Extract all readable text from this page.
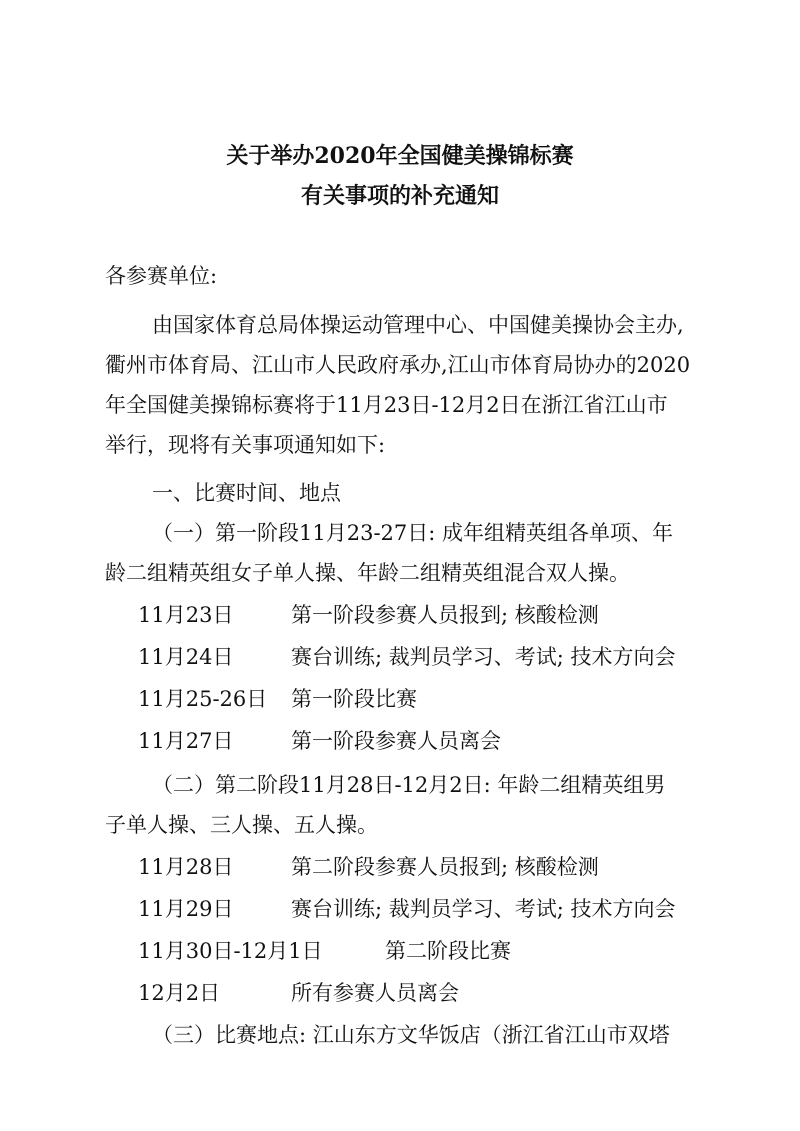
关于举办2020年全国健美操锦标赛
有关事项的补充通知
各参赛单位:
由国家体育总局体操运动管理中心、中国健美操协会主办,
衢州市体育局、江山市人民政府承办,江山市体育局协办的2020
年全国健美操锦标赛将于11月23日-12月2日在浙江省江山市
举行，现将有关事项通知如下:
一、比赛时间、地点
（一）第一阶段11月23-27日: 成年组精英组各单项、年
龄二组精英组女子单人操、年龄二组精英组混合双人操。
11月23日	第一阶段参赛人员报到; 核酸检测
11月24日	赛台训练; 裁判员学习、考试; 技术方向会
11月25-26日 第一阶段比赛
11月27日	第一阶段参赛人员离会
（二）第二阶段11月28日-12月2日: 年龄二组精英组男
子单人操、三人操、五人操。
11月28日	第二阶段参赛人员报到; 核酸检测
11月29日	赛台训练; 裁判员学习、考试; 技术方向会
11月30日-12月1日	第二阶段比赛
12月2日	所有参赛人员离会
（三）比赛地点: 江山东方文华饭店（浙江省江山市双塔
